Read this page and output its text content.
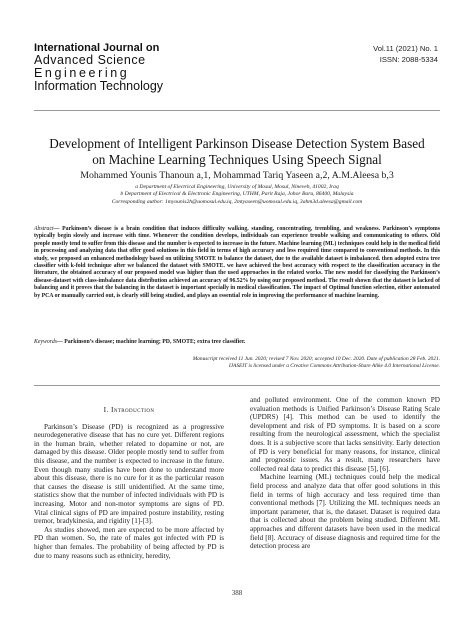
International Journal on
Advanced Science
Engineering
Information Technology
Vol.11 (2021) No. 1
ISSN: 2088-5334
Development of Intelligent Parkinson Disease Detection System Based
on Machine Learning Techniques Using Speech Signal
Mohammed Younis Thanoun a,1, Mohammad Tariq Yaseen a,2, A.M.Aleesa b,3
a Department of Electrical Engineering, University of Mosul, Mosul, Nineveh, 41002, Iraq
b Department of Electrical & Electronic Engineering, UTHM, Parit Raja, Johor Baru, 86400, Malaysia
Corresponding author: 1myounis2h@uomosul.edu.iq, 2mtyaseen@uomosul.edu.iq, 3ahm3d.aleesa@gmail.com
Abstract— Parkinson’s disease is a brain condition that induces difficulty walking, standing, concentrating, trembling, and weakness. Parkinson’s symptoms typically begin slowly and increase with time. Whenever the condition develops, individuals can experience trouble walking and communicating to others. Old people mostly tend to suffer from this disease and the number is expected to increase in the future. Machine learning (ML) techniques could help in the medical field in processing and analyzing data that offer good solutions in this field in terms of high accuracy and less required time compared to conventional methods. In this study, we proposed an enhanced methodology based on utilizing SMOTE to balance the dataset, due to the available dataset is imbalanced. then adopted extra tree classifier with k-fold technique after we balanced the dataset with SMOTE. we have achieved the best accuracy with respect to the classification accuracy in the literature, the obtained accuracy of our proposed model was higher than the used approaches in the related works. The new model for classifying the Parkinson’s disease-dataset with class-imbalance data distribution achieved an accuracy of 96.52% by using our proposed method. The result shown that the dataset is lacked of balancing and it proves that the balancing in the dataset is important specially in medical classification. The impact of Optimal function selection, either automated by PCA or manually carried out, is clearly still being studied, and plays an essential role in improving the performance of machine learning.
Keywords— Parkinson’s disease; machine learning; PD, SMOTE; extra tree classifier.
Manuscript received 11 Jun. 2020; revised 7 Nov. 2020; accepted 10 Dec. 2020. Date of publication 28 Feb. 2021.
IJASEIT is licensed under a Creative Commons Attribution-Share Alike 4.0 International License.
I. Introduction

Parkinson’s Disease (PD) is recognized as a progressive neurodegenerative disease that has no cure yet. Different regions in the human brain, whether related to dopamine or not, are damaged by this disease. Older people mostly tend to suffer from this disease, and the number is expected to increase in the future. Even though many studies have been done to understand more about this disease, there is no cure for it as the particular reason that causes the disease is still unidentified. At the same time, statistics show that the number of infected individuals with PD is increasing. Motor and non-motor symptoms are signs of PD. Vital clinical signs of PD are impaired posture instability, resting tremor, bradykinesia, and rigidity [1]-[3].

As studies showed, men are expected to be more affected by PD than women. So, the rate of males got infected with PD is higher than females. The probability of being affected by PD is due to many reasons such as ethnicity, heredity,

and polluted environment. One of the common known PD evaluation methods is Unified Parkinson’s Disease Rating Scale (UPDRS) [4]. This method can be used to identify the development and risk of PD symptoms. It is based on a score resulting from the neurological assessment, which the specialist does. It is a subjective score that lacks sensitivity. Early detection of PD is very beneficial for many reasons, for instance, clinical and prognostic issues. As a result, many researchers have collected real data to predict this disease [5], [6].

Machine learning (ML) techniques could help the medical field process and analyze data that offer good solutions in this field in terms of high accuracy and less required time than conventional methods [7]. Utilizing the ML techniques needs an important parameter, that is, the dataset. Dataset is required data that is collected about the problem being studied. Different ML approaches and different datasets have been used in the medical field [8]. Accuracy of disease diagnosis and required time for the detection process are

388
